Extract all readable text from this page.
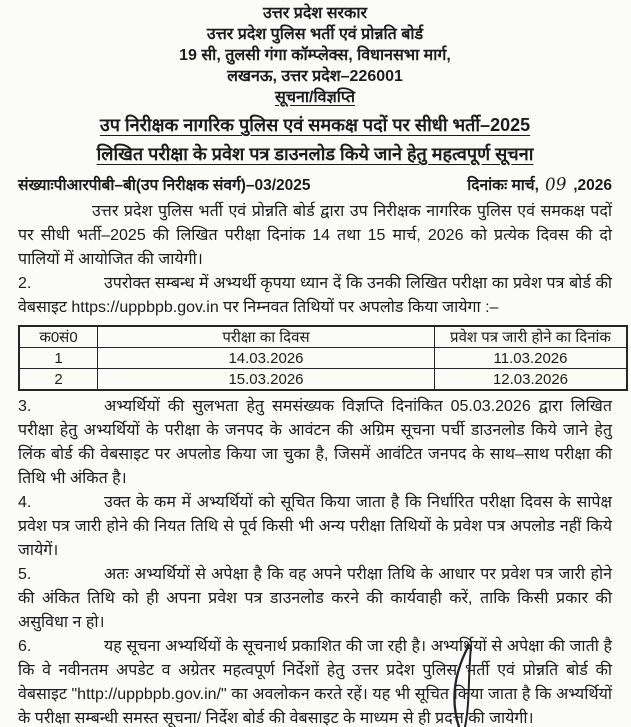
उत्तर प्रदेश सरकार
उत्तर प्रदेश पुलिस भर्ती एवं प्रोन्नति बोर्ड
19 सी, तुलसी गंगा कॉम्प्लेक्स, विधानसभा मार्ग,
लखनऊ, उत्तर प्रदेश–226001
सूचना/विज्ञप्ति
उप निरीक्षक नागरिक पुलिस एवं समकक्ष पदों पर सीधी भर्ती–2025
लिखित परीक्षा के प्रवेश पत्र डाउनलोड किये जाने हेतु महत्वपूर्ण सूचना
संख्याःपीआरपीबी–बी(उप निरीक्षक संवर्ग)–03/2025	दिनांकः मार्च, 09 ,2026

उत्तर प्रदेश पुलिस भर्ती एवं प्रोन्नति बोर्ड द्वारा उप निरीक्षक नागरिक पुलिस एवं समकक्ष पदों पर सीधी भर्ती–2025 की लिखित परीक्षा दिनांक 14 तथा 15 मार्च, 2026 को प्रत्येक दिवस की दो पालियों में आयोजित की जायेगी।

2.	उपरोक्त सम्बन्ध में अभ्यर्थी कृपया ध्यान दें कि उनकी लिखित परीक्षा का प्रवेश पत्र बोर्ड की वेबसाइट https://uppbpb.gov.in पर निम्नवत तिथियों पर अपलोड किया जायेगा :–

क0सं0	परीक्षा का दिवस	प्रवेश पत्र जारी होने का दिनांक
1	14.03.2026	11.03.2026
2	15.03.2026	12.03.2026

3.	अभ्यर्थियों की सुलभता हेतु समसंख्यक विज्ञप्ति दिनांकित 05.03.2026 द्वारा लिखित परीक्षा हेतु अभ्यर्थियों के परीक्षा के जनपद के आवंटन की अग्रिम सूचना पर्ची डाउनलोड किये जाने हेतु लिंक बोर्ड की वेबसाइट पर अपलोड किया जा चुका है, जिसमें आवंटित जनपद के साथ–साथ परीक्षा की तिथि भी अंकित है।

4.	उक्त के कम में अभ्यर्थियों को सूचित किया जाता है कि निर्धारित परीक्षा दिवस के सापेक्ष प्रवेश पत्र जारी होने की नियत तिथि से पूर्व किसी भी अन्य परीक्षा तिथियों के प्रवेश पत्र अपलोड नहीं किये जायेगें।

5.	अतः अभ्यर्थियों से अपेक्षा है कि वह अपने परीक्षा तिथि के आधार पर प्रवेश पत्र जारी होने की अंकित तिथि को ही अपना प्रवेश पत्र डाउनलोड करने की कार्यवाही करें, ताकि किसी प्रकार की असुविधा न हो।

6.	यह सूचना अभ्यर्थियों के सूचनार्थ प्रकाशित की जा रही है। अभ्यर्थियों से अपेक्षा की जाती है कि वे नवीनतम अपडेट व अग्रेतर महत्वपूर्ण निर्देशों हेतु उत्तर प्रदेश पुलिस भर्ती एवं प्रोन्नति बोर्ड की वेबसाइट "http://uppbpb.gov.in/" का अवलोकन करते रहें। यह भी सूचित किया जाता है कि अभ्यर्थियों के परीक्षा सम्बन्धी समस्त सूचना/ निर्देश बोर्ड की वेबसाइट के माध्यम से ही प्रदत्त की जायेगी।
